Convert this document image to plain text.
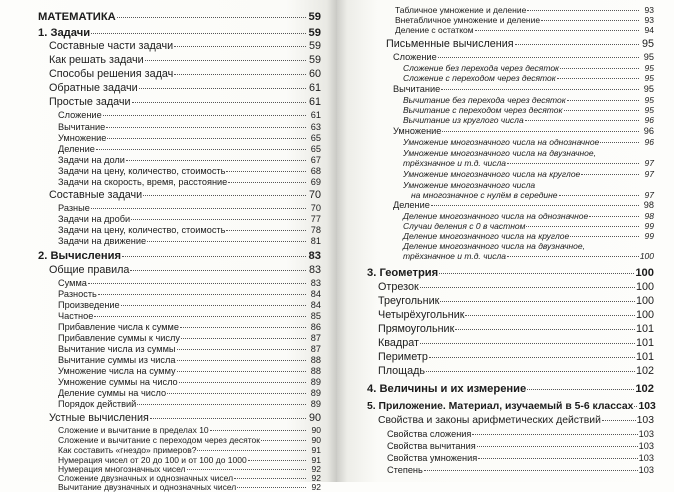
МАТЕМАТИКА	59
1. Задачи	59
Составные части задачи	59
Как решать задачи	59
Способы решения задач	60
Обратные задачи	61
Простые задачи	61
Сложение	61
Вычитание	63
Умножение	65
Деление	65
Задачи на доли	67
Задачи на цену, количество, стоимость	68
Задачи на скорость, время, расстояние	69
Составные задачи	70
Разные	70
Задачи на дроби	77
Задачи на цену, количество, стоимость	78
Задачи на движение	81
2. Вычисления	83
Общие правила	83
Сумма	83
Разность	84
Произведение	84
Частное	85
Прибавление числа к сумме	86
Прибавление суммы к числу	87
Вычитание числа из суммы	87
Вычитание суммы из числа	88
Умножение числа на сумму	88
Умножение суммы на число	89
Деление суммы на число	89
Порядок действий	89
Устные вычисления	90
Сложение и вычитание в пределах 10	90
Сложение и вычитание с переходом через десяток	90
Как составить «гнездо» примеров?	91
Нумерация чисел от 20 до 100 и от 100 до 1000	91
Нумерация многозначных чисел	92
Сложение двузначных и однозначных чисел	92
Вычитание двузначных и однозначных чисел	92
Табличное умножение и деление	93
Внетабличное умножение и деление	93
Деление с остатком	94
Письменные вычисления	95
Сложение	95
Сложение без перехода через десяток	95
Сложение с переходом через десяток	95
Вычитание	95
Вычитание без перехода через десяток	95
Вычитание с переходом через десяток	95
Вычитание из круглого числа	96
Умножение	96
Умножение многозначного числа на однозначное	96
Умножение многозначного числа на двузначное,
трёхзначное и т.д. числа	97
Умножение многозначного числа на круглое	97
Умножение многозначного числа
на многозначное с нулём в середине	97
Деление	98
Деление многозначного числа на однозначное	98
Случаи деления с 0 в частном	99
Деление многозначного числа на круглое	99
Деление многозначного числа на двузначное,
трёхзначное и т.д. числа	100
3. Геометрия	100
Отрезок	100
Треугольник	100
Четырёхугольник	100
Прямоугольник	101
Квадрат	101
Периметр	101
Площадь	102
4. Величины и их измерение	102
5. Приложение. Материал, изучаемый в 5-6 классах 103
Свойства и законы арифметических действий	103
Свойства сложения	103
Свойства вычитания	103
Свойства умножения	103
Степень	103
